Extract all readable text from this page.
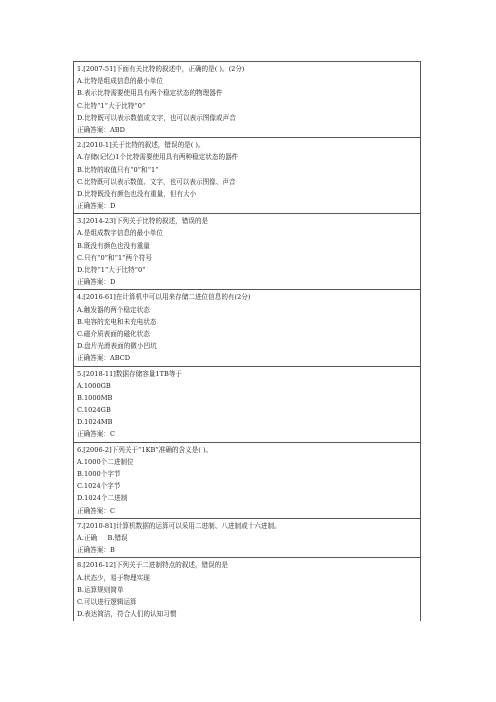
1.[2007-51]下面有关比特的叙述中，正确的是( )。(2分)
A.比特是组成信息的最小单位
B.表示比特需要使用具有两个稳定状态的物理器件
C.比特“1”大于比特“0”
D.比特既可以表示数值或文字，也可以表示图像或声音
正确答案：ABD
2.[2010-1]关于比特的叙述，错误的是( )。
A.存储(记忆)1个比特需要使用具有两种稳定状态的器件
B.比特的取值只有“0”和“1”
C.比特既可以表示数值、文字，也可以表示图像、声音
D.比特既没有颜色也没有重量，但有大小
正确答案：D
3.[2014-23]下列关于比特的叙述，错误的是
A.是组成数字信息的最小单位
B.既没有颜色也没有重量
C.只有“0”和“1”两个符号
D.比特“1”大于比特“0”
正确答案：D
4.[2016-61]在计算机中可以用来存储二进位信息的有(2分)
A.触发器的两个稳定状态
B.电容的充电和未充电状态
C.磁介质表面的磁化状态
D.盘片光滑表面的微小凹坑
正确答案：ABCD
5.[2018-11]数据存储容量1TB等于
A.1000GB
B.1000MB
C.1024GB
D.1024MB
正确答案：C
6.[2006-2]下列关于“1KB”准确的含义是( )。
A.1000个二进制位
B.1000个字节
C.1024个字节
D.1024个二进制
正确答案：C
7.[2010-81]计算机数据的运算可以采用二进制、八进制或十六进制。
A.正确     B.错误
正确答案：B
8.[2016-12]下列关于二进制特点的叙述，错误的是
A.状态少，易于物理实现
B.运算规则简单
C.可以进行逻辑运算
D.表达简洁，符合人们的认知习惯
